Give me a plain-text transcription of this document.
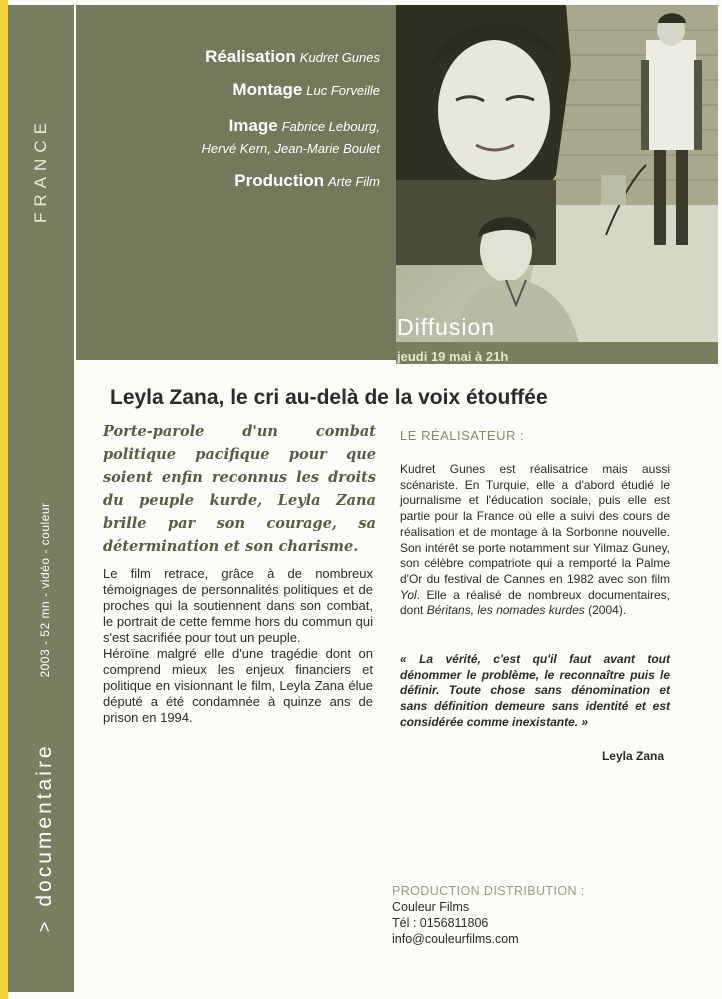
FRANCE
2003 - 52 mn - vidéo - couleur
documentaire
>
Réalisation Kudret Gunes
Montage Luc Forveille
Image Fabrice Lebourg,
Hervé Kern, Jean-Marie Boulet
Production Arte Film
Diffusion
jeudi 19 mai à 21h
Leyla Zana, le cri au-delà de la voix étouffée
Porte-parole d'un combat politique pacifique pour que soient enfin reconnus les droits du peuple kurde, Leyla Zana brille par son courage, sa détermination et son charisme.

Le film retrace, grâce à de nombreux témoignages de personnalités politiques et de proches qui la soutiennent dans son combat, le portrait de cette femme hors du commun qui s'est sacrifiée pour tout un peuple.

Héroïne malgré elle d'une tragédie dont on comprend mieux les enjeux financiers et politique en visionnant le film, Leyla Zana élue député a été condamnée à quinze ans de prison en 1994.

LE RÉALISATEUR :
Kudret Gunes est réalisatrice mais aussi scénariste. En Turquie, elle a d'abord étudié le journalisme et l'éducation sociale, puis elle est partie pour la France où elle a suivi des cours de réalisation et de montage à la Sorbonne nouvelle. Son intérêt se porte notamment sur Yilmaz Guney, son célèbre compatriote qui a remporté la Palme d'Or du festival de Cannes en 1982 avec son film Yol. Elle a réalisé de nombreux documentaires, dont Béritans, les nomades kurdes (2004).
« La vérité, c'est qu'il faut avant tout dénommer le problème, le reconnaître puis le définir. Toute chose sans dénomination et sans définition demeure sans identité et est considérée comme inexistante. »
Leyla Zana
PRODUCTION DISTRIBUTION :
Couleur Films
Tél : 0156811806
info@couleurfilms.com
